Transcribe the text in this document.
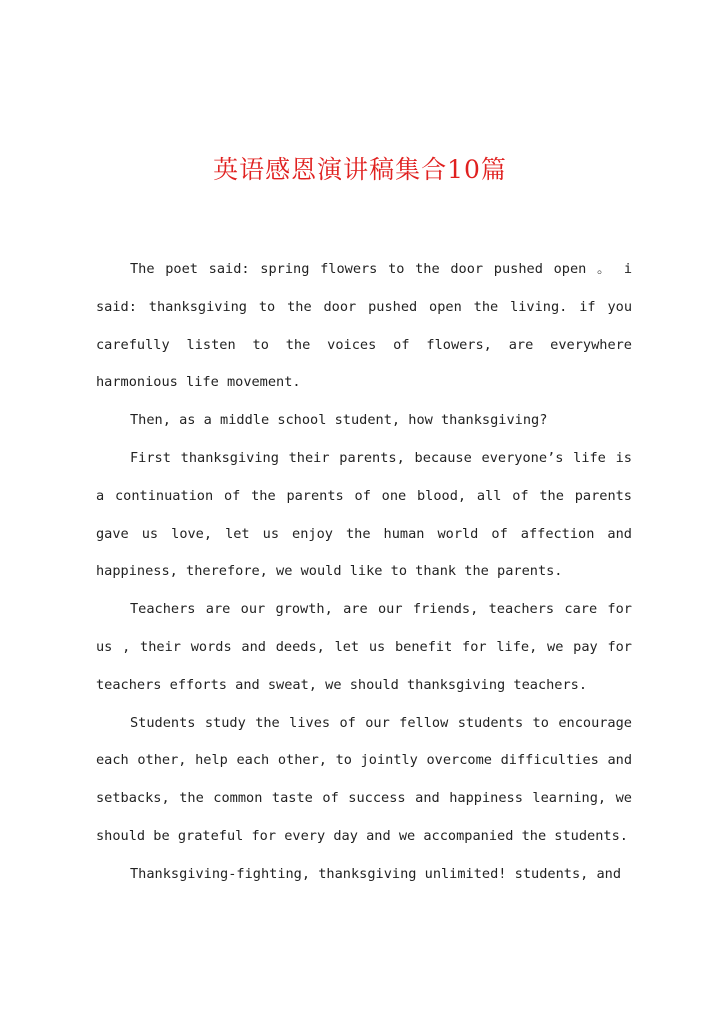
英语感恩演讲稿集合10篇

The poet said: spring flowers to the door pushed open 。 i said: thanksgiving to the door pushed open the living. if you carefully listen to the voices of flowers, are everywhere harmonious life movement.

Then, as a middle school student, how thanksgiving?

First thanksgiving their parents, because everyone’s life is a continuation of the parents of one blood, all of the parents gave us love, let us enjoy the human world of affection and happiness, therefore, we would like to thank the parents.

Teachers are our growth, are our friends, teachers care for us , their words and deeds, let us benefit for life, we pay for teachers efforts and sweat, we should thanksgiving teachers.

Students study the lives of our fellow students to encourage each other, help each other, to jointly overcome difficulties and setbacks, the common taste of success and happiness learning, we should be grateful for every day and we accompanied the students.

Thanksgiving-fighting, thanksgiving unlimited! students, and
